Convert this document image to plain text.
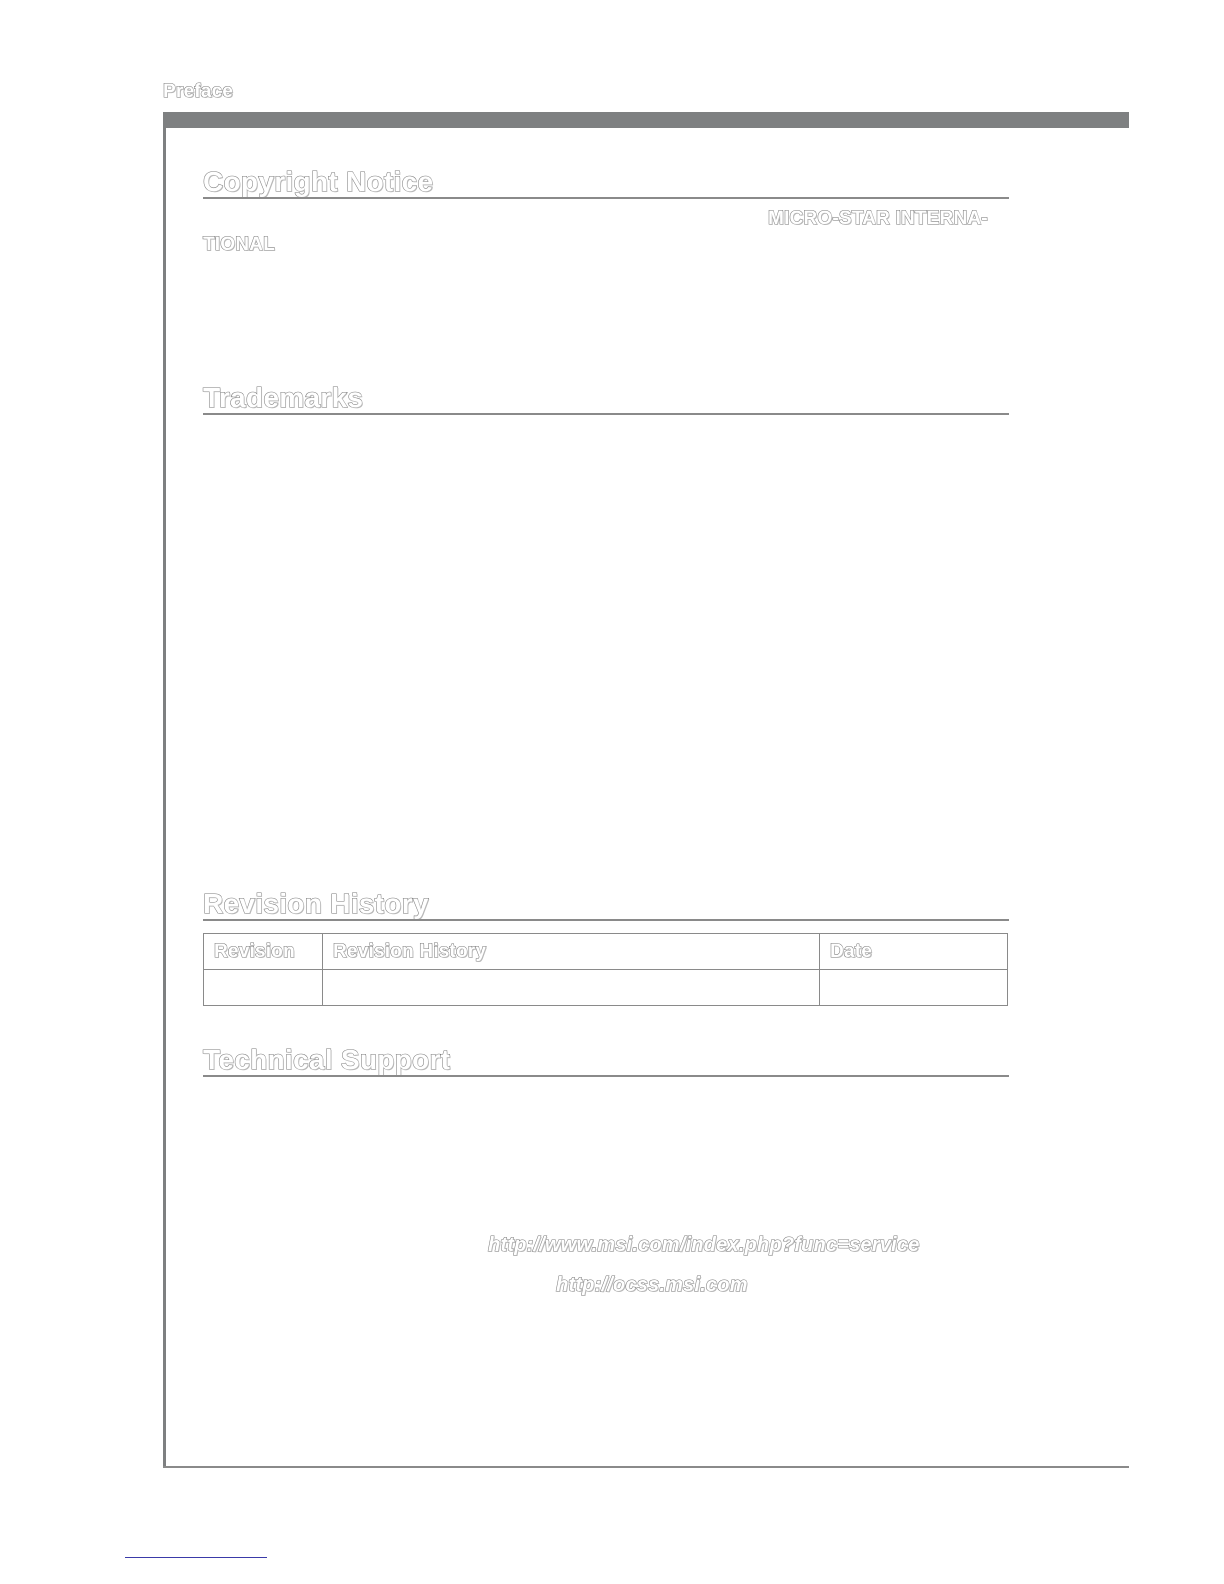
Preface
Copyright Notice
MICRO-STAR INTERNA-
TIONAL
Trademarks
Revision History
Revision	Revision History	Date

Technical Support
http://www.msi.com/index.php?func=service
http://ocss.msi.com
